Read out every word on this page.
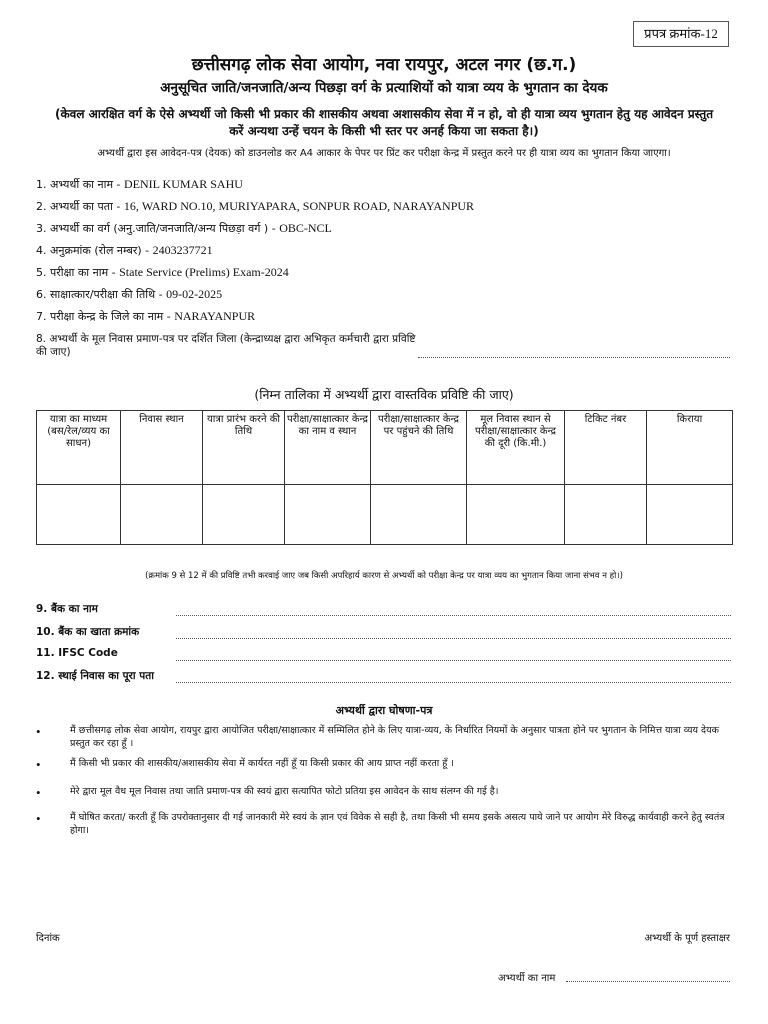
प्रपत्र क्रमांक-12
छत्तीसगढ़ लोक सेवा आयोग, नवा रायपुर, अटल नगर (छ.ग.)
अनुसूचित जाति/जनजाति/अन्य पिछड़ा वर्ग के प्रत्याशियों को यात्रा व्यय के भुगतान का देयक
(केवल आरक्षित वर्ग के ऐसे अभ्यर्थी जो किसी भी प्रकार की शासकीय अथवा अशासकीय सेवा में न हो, वो ही यात्रा व्यय भुगतान हेतु यह आवेदन प्रस्तुत करें अन्यथा उन्हें चयन के किसी भी स्तर पर अनर्ह किया जा सकता है।)
अभ्यर्थी द्वारा इस आवेदन-पत्र (देयक) को डाउनलोड कर A4 आकार के पेपर पर प्रिंट कर परीक्षा केन्द्र में प्रस्तुत करने पर ही यात्रा व्यय का भुगतान किया जाएगा।
1. अभ्यर्थी का नाम - DENIL KUMAR SAHU
2. अभ्यर्थी का पता - 16, WARD NO.10, MURIYAPARA, SONPUR ROAD, NARAYANPUR
3. अभ्यर्थी का वर्ग (अनु.जाति/जनजाति/अन्य पिछड़ा वर्ग ) - OBC-NCL
4. अनुक्रमांक (रोल नम्बर) - 2403237721
5. परीक्षा का नाम - State Service (Prelims) Exam-2024
6. साक्षात्कार/परीक्षा की तिथि - 09-02-2025
7. परीक्षा केन्द्र के जिले का नाम - NARAYANPUR
8. अभ्यर्थी के मूल निवास प्रमाण-पत्र पर दर्शित जिला (केन्द्राध्यक्ष द्वारा अभिकृत कर्मचारी द्वारा प्रविष्टि की जाए)
(निम्न तालिका में अभ्यर्थी द्वारा वास्तविक प्रविष्टि की जाए)
यात्रा का माध्यम (बस/रेल/व्यय का साधन)	निवास स्थान	यात्रा प्रारंभ करने की तिथि	परीक्षा/साक्षात्कार केन्द्र का नाम व स्थान	परीक्षा/साक्षात्कार केन्द्र पर पहुंचने की तिथि	मूल निवास स्थान से परीक्षा/साक्षात्कार केन्द्र की दूरी (कि.मी.)	टिकिट नंबर	किराया

(क्रमांक 9 से 12 में की प्रविष्टि तभी करवाई जाए जब किसी अपरिहार्य कारण से अभ्यर्थी को परीक्षा केन्द्र पर यात्रा व्यय का भुगतान किया जाना संभव न हो।)
9. बैंक का नाम
10. बैंक का खाता क्रमांक
11. IFSC Code
12. स्थाई निवास का पूरा पता
अभ्यर्थी द्वारा घोषणा-पत्र
•	मैं छत्तीसगढ़ लोक सेवा आयोग, रायपुर द्वारा आयोजित परीक्षा/साक्षात्कार में सम्मिलित होने के लिए यात्रा-व्यय, के निर्धारित नियमों के अनुसार पात्रता होने पर भुगतान के निमित्त यात्रा व्यय देयक प्रस्तुत कर रहा हूँ ।
•	मैं किसी भी प्रकार की शासकीय/अशासकीय सेवा में कार्यरत नहीं हूँ या किसी प्रकार की आय प्राप्त नहीं करता हूँ ।
•	मेरे द्वारा मूल वैध मूल निवास तथा जाति प्रमाण-पत्र की स्वयं द्वारा सत्यापित फोटो प्रतिया इस आवेदन के साथ संलग्न की गई है।
•	मैं घोषित करता/ करती हूँ कि उपरोक्तानुसार दी गई जानकारी मेरे स्वयं के ज्ञान एवं विवेक से सही है, तथा किसी भी समय इसके असत्य पाये जाने पर आयोग मेरे विरुद्ध कार्यवाही करने हेतु स्वतंत्र होगा।
दिनांक	अभ्यर्थी के पूर्ण हस्ताक्षर
अभ्यर्थी का नाम
